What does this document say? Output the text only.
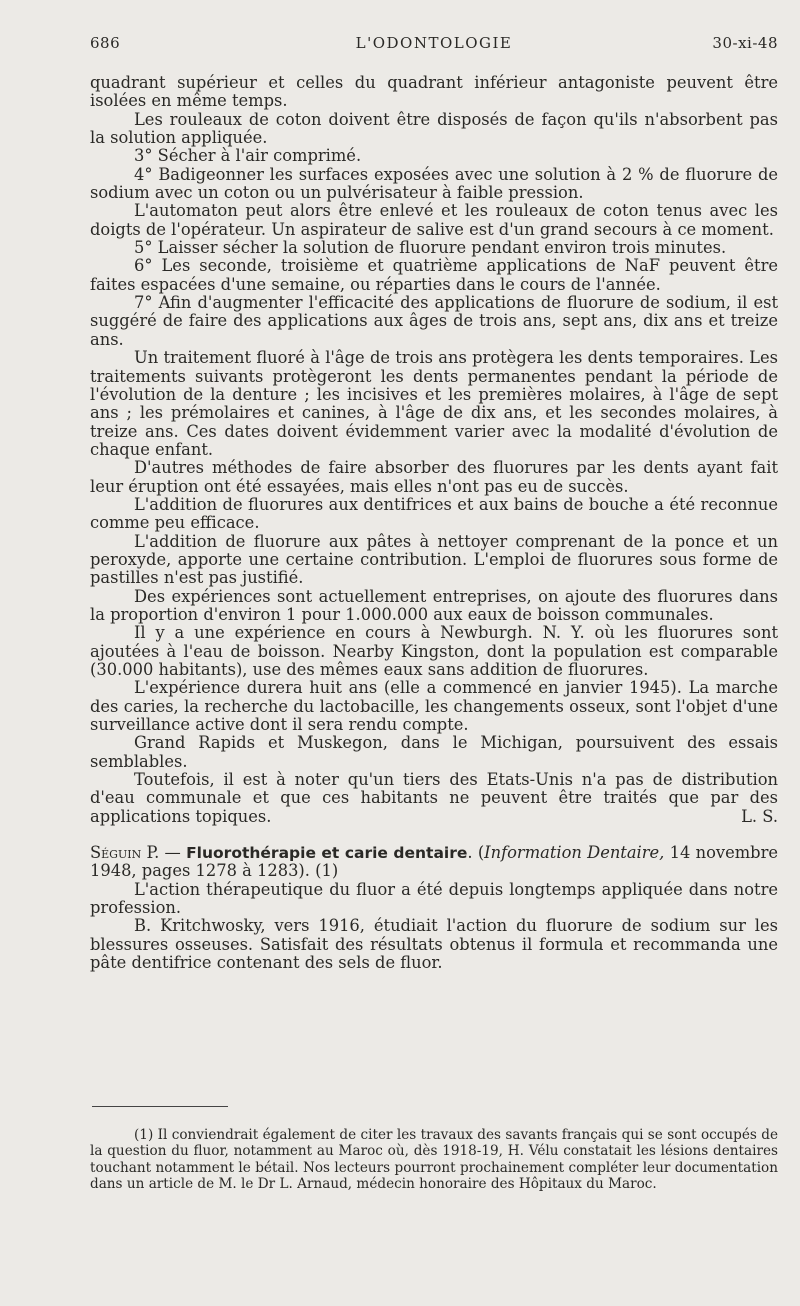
686	L'ODONTOLOGIE	30-xi-48

quadrant supérieur et celles du quadrant inférieur antagoniste peuvent être isolées en même temps.

Les rouleaux de coton doivent être disposés de façon qu'ils n'absorbent pas la solution appliquée.

3° Sécher à l'air comprimé.

4° Badigeonner les surfaces exposées avec une solution à 2 % de fluorure de sodium avec un coton ou un pulvérisateur à faible pression.

L'automaton peut alors être enlevé et les rouleaux de coton tenus avec les doigts de l'opérateur. Un aspirateur de salive est d'un grand secours à ce moment.

5° Laisser sécher la solution de fluorure pendant environ trois minutes.

6° Les seconde, troisième et quatrième applications de NaF peuvent être faites espacées d'une semaine, ou réparties dans le cours de l'année.

7° Afin d'augmenter l'efficacité des applications de fluorure de sodium, il est suggéré de faire des applications aux âges de trois ans, sept ans, dix ans et treize ans.

Un traitement fluoré à l'âge de trois ans protègera les dents temporaires. Les traitements suivants protègeront les dents permanentes pendant la période de l'évolution de la denture ; les incisives et les premières molaires, à l'âge de sept ans ; les prémolaires et canines, à l'âge de dix ans, et les secondes molaires, à treize ans. Ces dates doivent évidemment varier avec la modalité d'évolution de chaque enfant.

D'autres méthodes de faire absorber des fluorures par les dents ayant fait leur éruption ont été essayées, mais elles n'ont pas eu de succès.

L'addition de fluorures aux dentifrices et aux bains de bouche a été reconnue comme peu efficace.

L'addition de fluorure aux pâtes à nettoyer comprenant de la ponce et un peroxyde, apporte une certaine contribution. L'emploi de fluorures sous forme de pastilles n'est pas justifié.

Des expériences sont actuellement entreprises, on ajoute des fluorures dans la proportion d'environ 1 pour 1.000.000 aux eaux de boisson communales.

Il y a une expérience en cours à Newburgh. N. Y. où les fluorures sont ajoutées à l'eau de boisson. Nearby Kingston, dont la population est comparable (30.000 habitants), use des mêmes eaux sans addition de fluorures.

L'expérience durera huit ans (elle a commencé en janvier 1945). La marche des caries, la recherche du lactobacille, les changements osseux, sont l'objet d'une surveillance active dont il sera rendu compte.

Grand Rapids et Muskegon, dans le Michigan, poursuivent des essais semblables.

Toutefois, il est à noter qu'un tiers des Etats-Unis n'a pas de distribution d'eau communale et que ces habitants ne peuvent être traités que par des applications topiques.	L. S.

Séguin P. — Fluorothérapie et carie dentaire. (Information Dentaire, 14 novembre 1948, pages 1278 à 1283). (1)

L'action thérapeutique du fluor a été depuis longtemps appliquée dans notre profession.

B. Kritchwosky, vers 1916, étudiait l'action du fluorure de sodium sur les blessures osseuses. Satisfait des résultats obtenus il formula et recommanda une pâte dentifrice contenant des sels de fluor.

(1) Il conviendrait également de citer les travaux des savants français qui se sont occupés de la question du fluor, notamment au Maroc où, dès 1918-19, H. Vélu constatait les lésions dentaires touchant notamment le bétail. Nos lecteurs pourront prochainement compléter leur documentation dans un article de M. le Dr L. Arnaud, médecin honoraire des Hôpitaux du Maroc.
